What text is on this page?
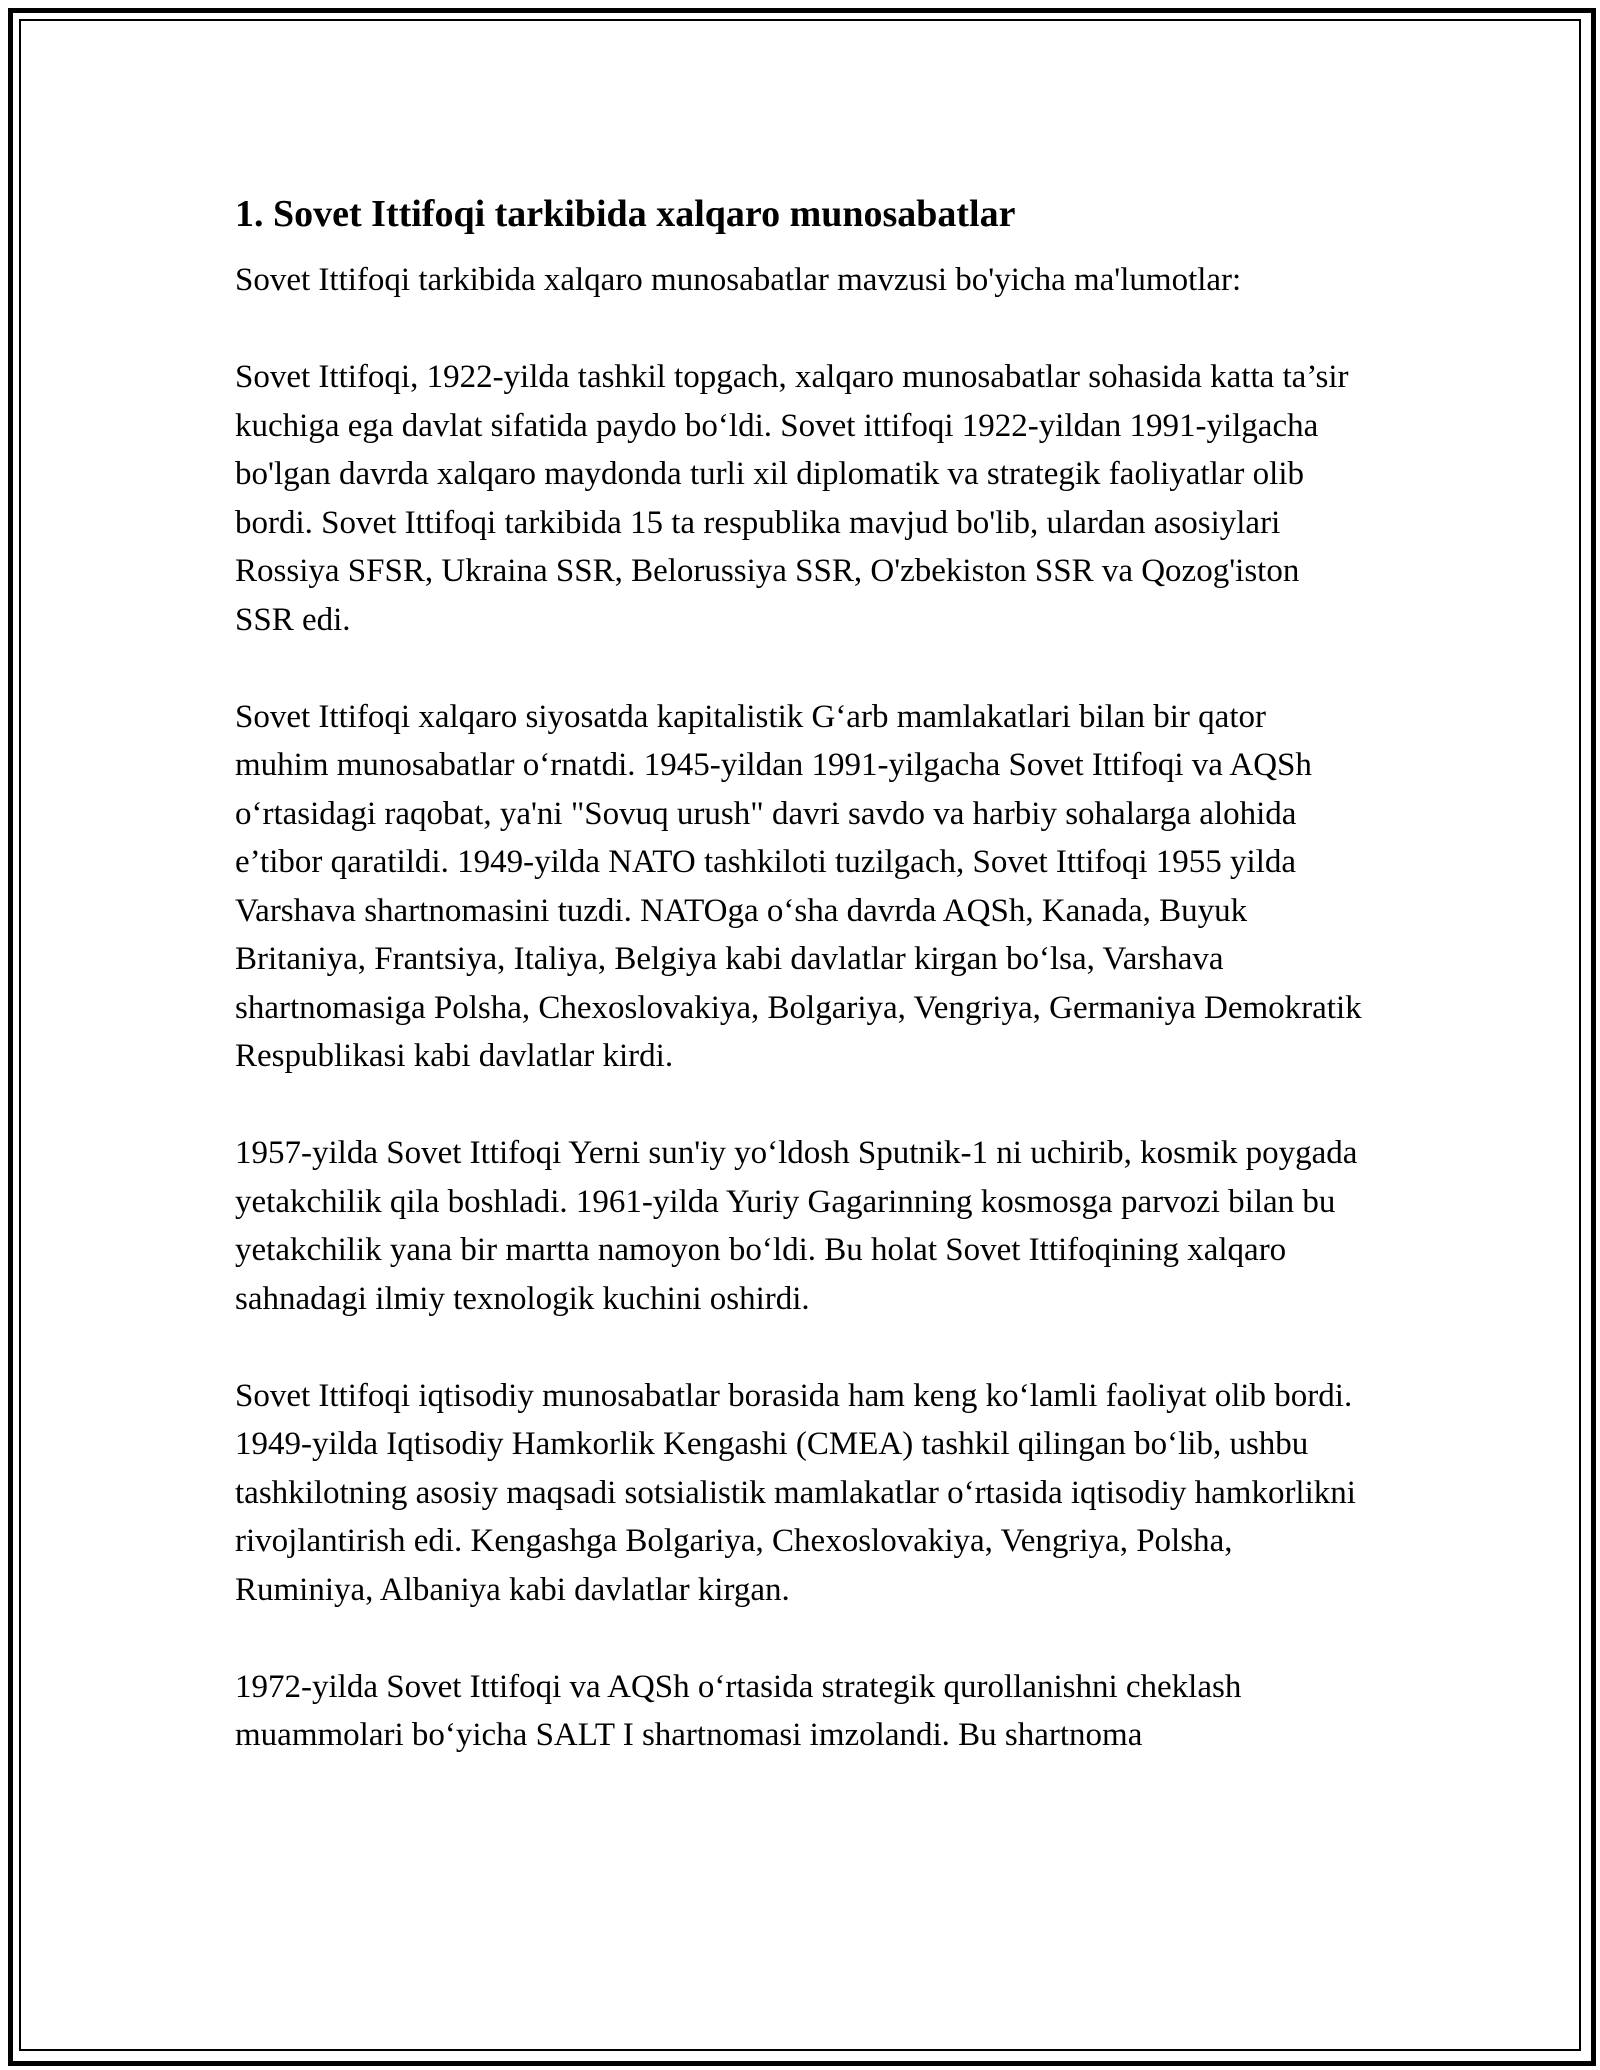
1. Sovet Ittifoqi tarkibida xalqaro munosabatlar

Sovet Ittifoqi tarkibida xalqaro munosabatlar mavzusi bo'yicha ma'lumotlar:

Sovet Ittifoqi, 1922-yilda tashkil topgach, xalqaro munosabatlar sohasida katta ta’sir kuchiga ega davlat sifatida paydo bo‘ldi. Sovet ittifoqi 1922-yildan 1991-yilgacha bo'lgan davrda xalqaro maydonda turli xil diplomatik va strategik faoliyatlar olib bordi. Sovet Ittifoqi tarkibida 15 ta respublika mavjud bo'lib, ulardan asosiylari Rossiya SFSR, Ukraina SSR, Belorussiya SSR, O'zbekiston SSR va Qozog'iston SSR edi.

Sovet Ittifoqi xalqaro siyosatda kapitalistik G‘arb mamlakatlari bilan bir qator muhim munosabatlar o‘rnatdi. 1945-yildan 1991-yilgacha Sovet Ittifoqi va AQSh o‘rtasidagi raqobat, ya'ni "Sovuq urush" davri savdo va harbiy sohalarga alohida e’tibor qaratildi. 1949-yilda NATO tashkiloti tuzilgach, Sovet Ittifoqi 1955 yilda Varshava shartnomasini tuzdi. NATOga o‘sha davrda AQSh, Kanada, Buyuk Britaniya, Frantsiya, Italiya, Belgiya kabi davlatlar kirgan bo‘lsa, Varshava shartnomasiga Polsha, Chexoslovakiya, Bolgariya, Vengriya, Germaniya Demokratik Respublikasi kabi davlatlar kirdi.

1957-yilda Sovet Ittifoqi Yerni sun'iy yo‘ldosh Sputnik-1 ni uchirib, kosmik poygada yetakchilik qila boshladi. 1961-yilda Yuriy Gagarinning kosmosga parvozi bilan bu yetakchilik yana bir martta namoyon bo‘ldi. Bu holat Sovet Ittifoqining xalqaro sahnadagi ilmiy texnologik kuchini oshirdi.

Sovet Ittifoqi iqtisodiy munosabatlar borasida ham keng ko‘lamli faoliyat olib bordi. 1949-yilda Iqtisodiy Hamkorlik Kengashi (CMEA) tashkil qilingan bo‘lib, ushbu tashkilotning asosiy maqsadi sotsialistik mamlakatlar o‘rtasida iqtisodiy hamkorlikni rivojlantirish edi. Kengashga Bolgariya, Chexoslovakiya, Vengriya, Polsha, Ruminiya, Albaniya kabi davlatlar kirgan.

1972-yilda Sovet Ittifoqi va AQSh o‘rtasida strategik qurollanishni cheklash muammolari bo‘yicha SALT I shartnomasi imzolandi. Bu shartnoma
